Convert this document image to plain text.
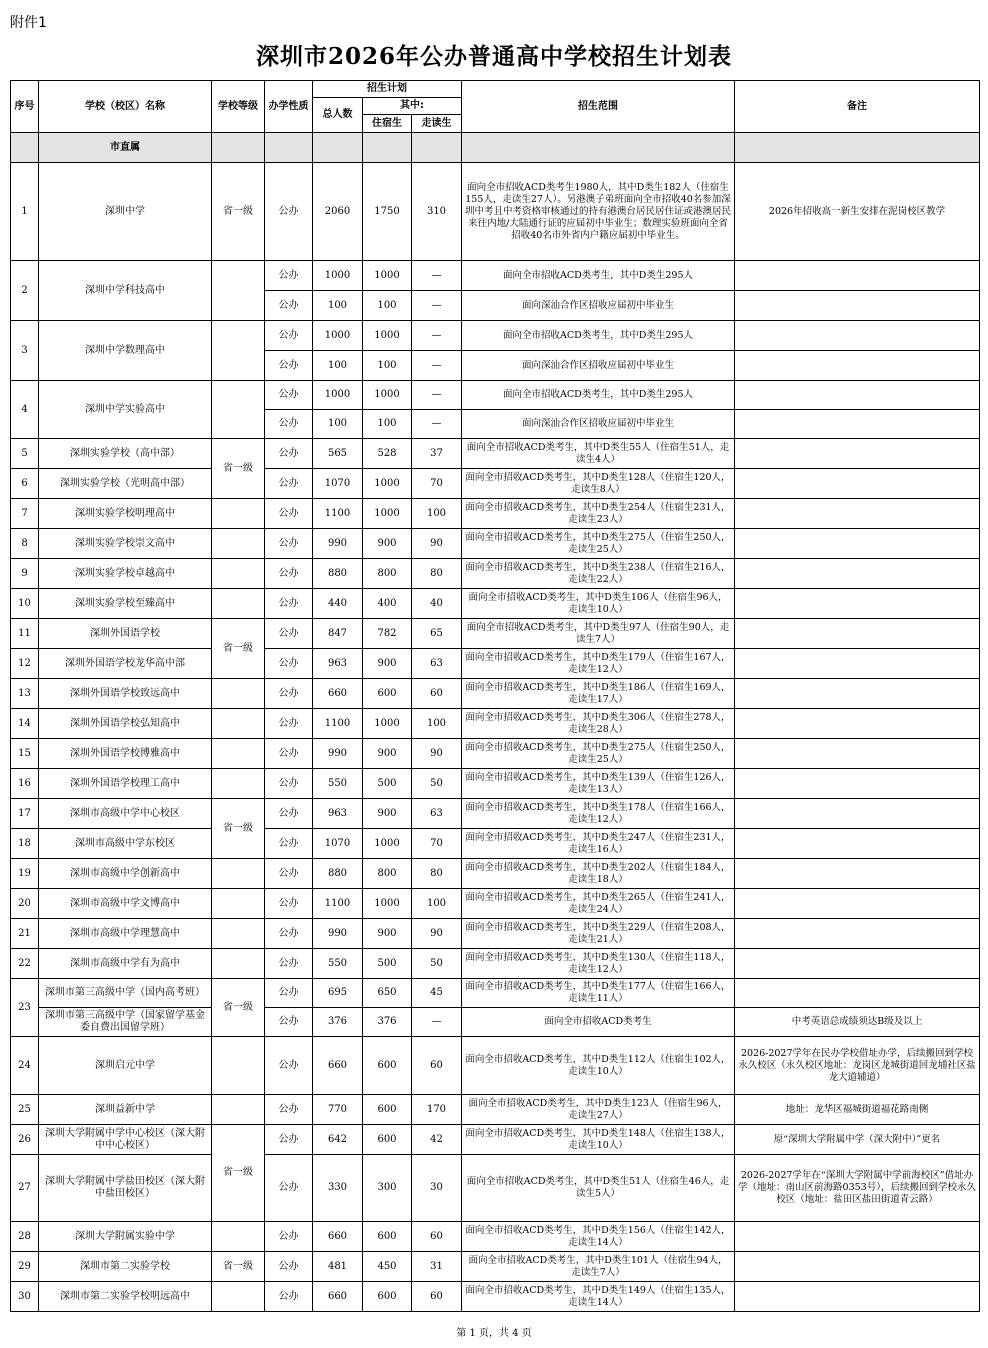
附件1
深圳市2026年公办普通高中学校招生计划表
序号	学校（校区）名称	学校等级	办学性质	招生计划			招生范围	备注
				总人数	其中:			
					住宿生	走读生		
	市直属							
1	深圳中学	省一级	公办	2060	1750	310	面向全市招收ACD类考生1980人，其中D类生182人（住宿生155人，走读生27人）。另港澳子弟班面向全市招收40名参加深圳中考且中考资格审核通过的持有港澳台居民居住证或港澳居民来往内地/大陆通行证的应届初中毕业生；数理实验班面向全省招收40名市外省内户籍应届初中毕业生。	2026年招收高一新生安排在泥岗校区教学
2	深圳中学科技高中		公办	1000	1000	—	面向全市招收ACD类考生，其中D类生295人	
			公办	100	100	—	面向深汕合作区招收应届初中毕业生	
3	深圳中学数理高中		公办	1000	1000	—	面向全市招收ACD类考生，其中D类生295人	
			公办	100	100	—	面向深汕合作区招收应届初中毕业生	
4	深圳中学实验高中		公办	1000	1000	—	面向全市招收ACD类考生，其中D类生295人	
			公办	100	100	—	面向深汕合作区招收应届初中毕业生	
5	深圳实验学校（高中部）	省一级	公办	565	528	37	面向全市招收ACD类考生，其中D类生55人（住宿生51人，走读生4人）	
6	深圳实验学校（光明高中部）		公办	1070	1000	70	面向全市招收ACD类考生，其中D类生128人（住宿生120人，走读生8人）	
7	深圳实验学校明理高中		公办	1100	1000	100	面向全市招收ACD类考生，其中D类生254人（住宿生231人，走读生23人）	
8	深圳实验学校崇文高中		公办	990	900	90	面向全市招收ACD类考生，其中D类生275人（住宿生250人，走读生25人）	
9	深圳实验学校卓越高中		公办	880	800	80	面向全市招收ACD类考生，其中D类生238人（住宿生216人，走读生22人）	
10	深圳实验学校至臻高中		公办	440	400	40	面向全市招收ACD类考生，其中D类生106人（住宿生96人，走读生10人）	
11	深圳外国语学校	省一级	公办	847	782	65	面向全市招收ACD类考生，其中D类生97人（住宿生90人，走读生7人）	
12	深圳外国语学校龙华高中部		公办	963	900	63	面向全市招收ACD类考生，其中D类生179人（住宿生167人，走读生12人）	
13	深圳外国语学校致远高中		公办	660	600	60	面向全市招收ACD类考生，其中D类生186人（住宿生169人，走读生17人）	
14	深圳外国语学校弘知高中		公办	1100	1000	100	面向全市招收ACD类考生，其中D类生306人（住宿生278人，走读生28人）	
15	深圳外国语学校博雅高中		公办	990	900	90	面向全市招收ACD类考生，其中D类生275人（住宿生250人，走读生25人）	
16	深圳外国语学校理工高中		公办	550	500	50	面向全市招收ACD类考生，其中D类生139人（住宿生126人，走读生13人）	
17	深圳市高级中学中心校区	省一级	公办	963	900	63	面向全市招收ACD类考生，其中D类生178人（住宿生166人，走读生12人）	
18	深圳市高级中学东校区		公办	1070	1000	70	面向全市招收ACD类考生，其中D类生247人（住宿生231人，走读生16人）	
19	深圳市高级中学创新高中		公办	880	800	80	面向全市招收ACD类考生，其中D类生202人（住宿生184人，走读生18人）	
20	深圳市高级中学文博高中		公办	1100	1000	100	面向全市招收ACD类考生，其中D类生265人（住宿生241人，走读生24人）	
21	深圳市高级中学理慧高中		公办	990	900	90	面向全市招收ACD类考生，其中D类生229人（住宿生208人，走读生21人）	
22	深圳市高级中学有为高中		公办	550	500	50	面向全市招收ACD类考生，其中D类生130人（住宿生118人，走读生12人）	
23	深圳市第三高级中学（国内高考班）	省一级	公办	695	650	45	面向全市招收ACD类考生，其中D类生177人（住宿生166人，走读生11人）	
	深圳市第三高级中学（国家留学基金委自费出国留学班）		公办	376	376	—	面向全市招收ACD类考生	中考英语总成绩须达B级及以上
24	深圳启元中学		公办	660	600	60	面向全市招收ACD类考生，其中D类生112人（住宿生102人，走读生10人）	2026-2027学年在民办学校借址办学，后续搬回到学校永久校区（永久校区地址：龙岗区龙城街道回龙埔社区盐龙大道辅道）
25	深圳益新中学		公办	770	600	170	面向全市招收ACD类考生，其中D类生123人（住宿生96人，走读生27人）	地址：龙华区福城街道福花路南侧
26	深圳大学附属中学中心校区（深大附中中心校区）	省一级	公办	642	600	42	面向全市招收ACD类考生，其中D类生148人（住宿生138人，走读生10人）	原“深圳大学附属中学（深大附中）”更名
27	深圳大学附属中学盐田校区（深大附中盐田校区）		公办	330	300	30	面向全市招收ACD类考生，其中D类生51人（住宿生46人，走读生5人）	2026-2027学年在“深圳大学附属中学前海校区”借址办学（地址：南山区前海路0353号），后续搬回到学校永久校区（地址：盐田区盐田街道青云路）
28	深圳大学附属实验中学		公办	660	600	60	面向全市招收ACD类考生，其中D类生156人（住宿生142人，走读生14人）	
29	深圳市第二实验学校	省一级	公办	481	450	31	面向全市招收ACD类考生，其中D类生101人（住宿生94人，走读生7人）	
30	深圳市第二实验学校明远高中		公办	660	600	60	面向全市招收ACD类考生，其中D类生149人（住宿生135人，走读生14人）	
第 1 页，共 4 页
